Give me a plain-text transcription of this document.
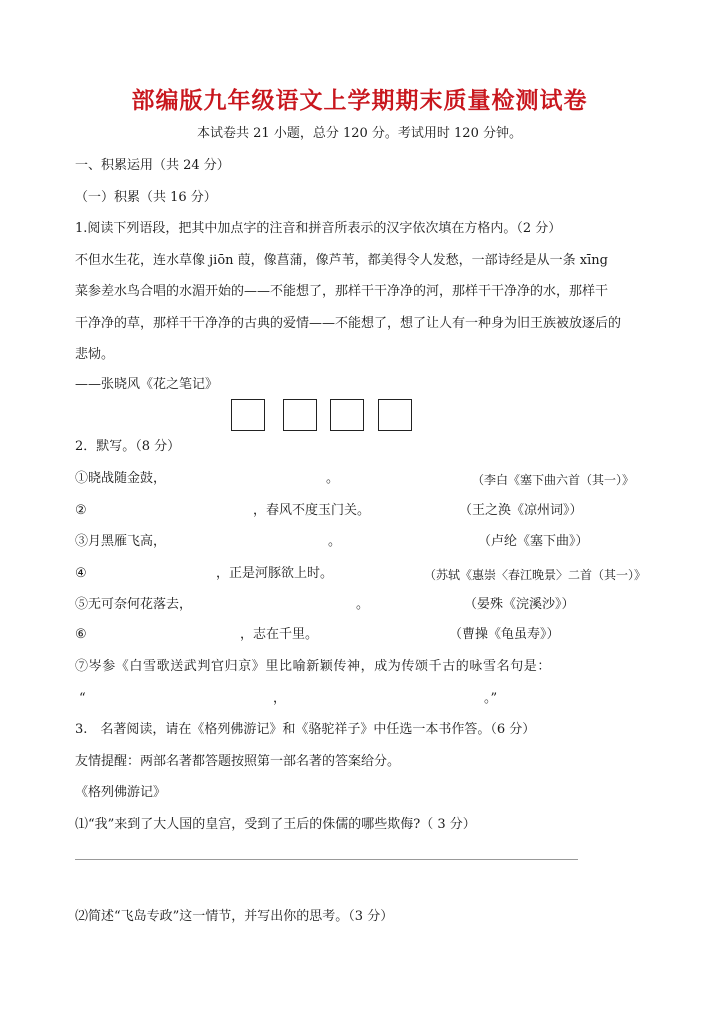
部编版九年级语文上学期期末质量检测试卷
本试卷共 21 小题，总分 120 分。考试用时 120 分钟。
一、积累运用（共 24 分）
（一）积累（共 16 分）
1.阅读下列语段，把其中加点字的注音和拼音所表示的汉字依次填在方格内。（2 分）
不但水生花，连水草像 jiōn 葭，像菖蒲，像芦苇，都美得令人发愁，一部诗经是从一条 xīng
菜参差水鸟合唱的水湄开始的——不能想了，那样干干净净的河，那样干干净净的水，那样干
干净净的草，那样干干净净的古典的爱情——不能想了，想了让人有一种身为旧王族被放逐后的
悲恸。
——张晓风《花之笔记》
2．默写。（8 分）
①晓战随金鼓，	。	（李白《塞下曲六首（其一）》
②	，春风不度玉门关。	（王之涣《凉州词》）
③月黑雁飞高，	。	（卢纶《塞下曲》）
④	，正是河豚欲上时。	（苏轼《惠崇〈春江晚景〉二首（其一）》
⑤无可奈何花落去，	。	（晏殊《浣溪沙》）
⑥	，志在千里。	（曹操《龟虽寿》）
⑦岑参《白雪歌送武判官归京》里比喻新颖传神，成为传颂千古的咏雪名句是：
“	，	。”
3.　名著阅读，请在《格列佛游记》和《骆驼祥子》中任选一本书作答。（6 分）
友情提醒：两部名著都答题按照第一部名著的答案给分。
《格列佛游记》
⑴“我”来到了大人国的皇宫，受到了王后的侏儒的哪些欺侮?（ 3 分）
⑵简述“飞岛专政”这一情节，并写出你的思考。（3 分）
